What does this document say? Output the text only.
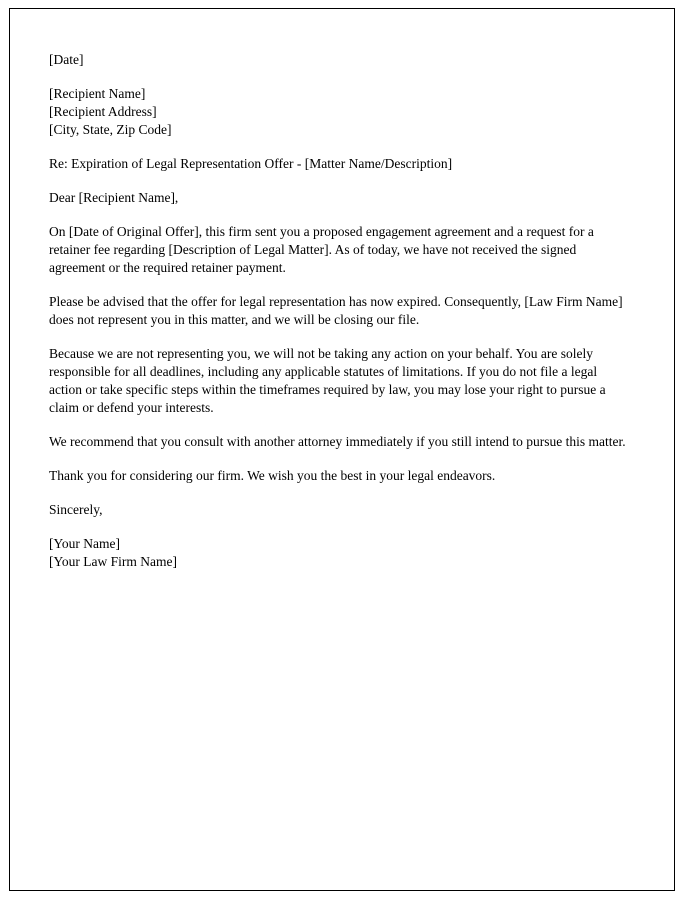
[Date]
[Recipient Name]
[Recipient Address]
[City, State, Zip Code]
Re: Expiration of Legal Representation Offer - [Matter Name/Description]
Dear [Recipient Name],
On [Date of Original Offer], this firm sent you a proposed engagement agreement and a request for a retainer fee regarding [Description of Legal Matter]. As of today, we have not received the signed agreement or the required retainer payment.
Please be advised that the offer for legal representation has now expired. Consequently, [Law Firm Name] does not represent you in this matter, and we will be closing our file.
Because we are not representing you, we will not be taking any action on your behalf. You are solely responsible for all deadlines, including any applicable statutes of limitations. If you do not file a legal action or take specific steps within the timeframes required by law, you may lose your right to pursue a claim or defend your interests.
We recommend that you consult with another attorney immediately if you still intend to pursue this matter.
Thank you for considering our firm. We wish you the best in your legal endeavors.
Sincerely,
[Your Name]
[Your Law Firm Name]
